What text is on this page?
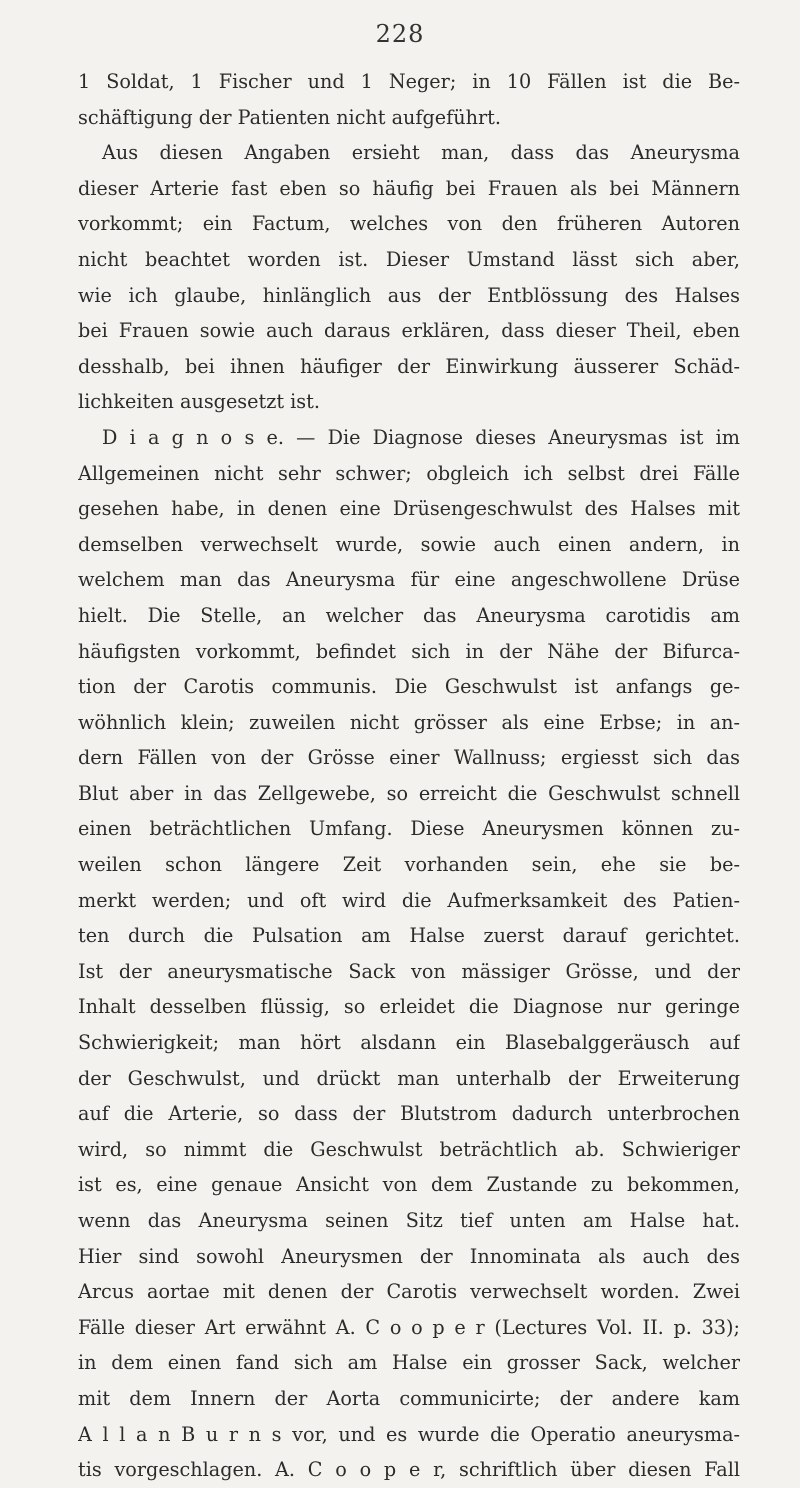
228
1 Soldat, 1 Fischer und 1 Neger; in 10 Fällen ist die Be-
schäftigung der Patienten nicht aufgeführt.
Aus diesen Angaben ersieht man, dass das Aneurysma
dieser Arterie fast eben so häufig bei Frauen als bei Männern
vorkommt; ein Factum, welches von den früheren Autoren
nicht beachtet worden ist. Dieser Umstand lässt sich aber,
wie ich glaube, hinlänglich aus der Entblössung des Halses
bei Frauen sowie auch daraus erklären, dass dieser Theil, eben
desshalb, bei ihnen häufiger der Einwirkung äusserer Schäd-
lichkeiten ausgesetzt ist.
D i a g n o s e. — Die Diagnose dieses Aneurysmas ist im
Allgemeinen nicht sehr schwer; obgleich ich selbst drei Fälle
gesehen habe, in denen eine Drüsengeschwulst des Halses mit
demselben verwechselt wurde, sowie auch einen andern, in
welchem man das Aneurysma für eine angeschwollene Drüse
hielt. Die Stelle, an welcher das Aneurysma carotidis am
häufigsten vorkommt, befindet sich in der Nähe der Bifurca-
tion der Carotis communis. Die Geschwulst ist anfangs ge-
wöhnlich klein; zuweilen nicht grösser als eine Erbse; in an-
dern Fällen von der Grösse einer Wallnuss; ergiesst sich das
Blut aber in das Zellgewebe, so erreicht die Geschwulst schnell
einen beträchtlichen Umfang. Diese Aneurysmen können zu-
weilen schon längere Zeit vorhanden sein, ehe sie be-
merkt werden; und oft wird die Aufmerksamkeit des Patien-
ten durch die Pulsation am Halse zuerst darauf gerichtet.
Ist der aneurysmatische Sack von mässiger Grösse, und der
Inhalt desselben flüssig, so erleidet die Diagnose nur geringe
Schwierigkeit; man hört alsdann ein Blasebalggeräusch auf
der Geschwulst, und drückt man unterhalb der Erweiterung
auf die Arterie, so dass der Blutstrom dadurch unterbrochen
wird, so nimmt die Geschwulst beträchtlich ab. Schwieriger
ist es, eine genaue Ansicht von dem Zustande zu bekommen,
wenn das Aneurysma seinen Sitz tief unten am Halse hat.
Hier sind sowohl Aneurysmen der Innominata als auch des
Arcus aortae mit denen der Carotis verwechselt worden. Zwei
Fälle dieser Art erwähnt A. C o o p e r (Lectures Vol. II. p. 33);
in dem einen fand sich am Halse ein grosser Sack, welcher
mit dem Innern der Aorta communicirte; der andere kam
A l l a n B u r n s vor, und es wurde die Operatio aneurysma-
tis vorgeschlagen. A. C o o p e r, schriftlich über diesen Fall
